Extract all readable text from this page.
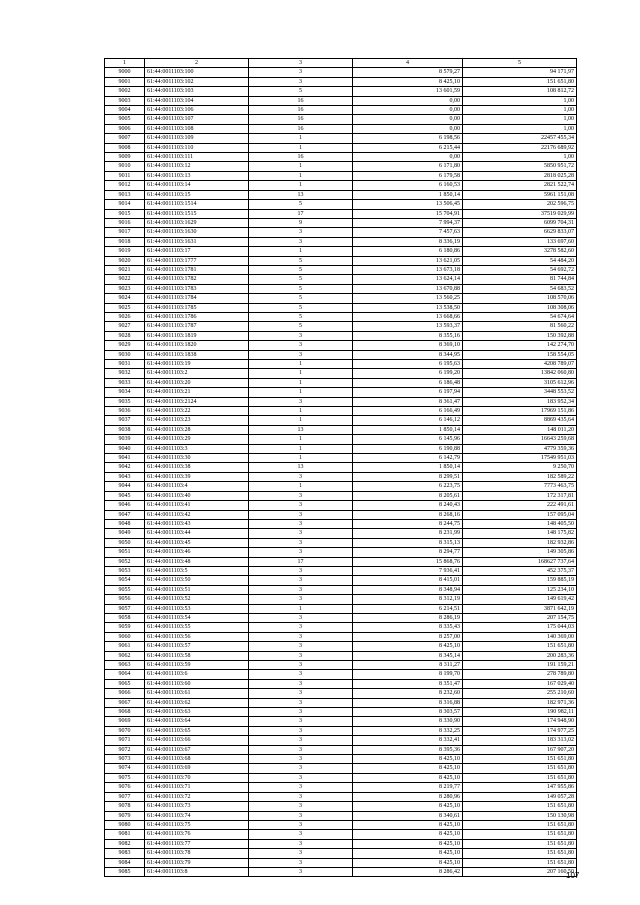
1	2	3	4	5
9000	61:44:0011103:100	3	8 579,27	94 171,97
9001	61:44:0011103:102	3	8 425,10	151 651,80
9002	61:44:0011103:103	5	13 601,59	108 812,72
9003	61:44:0011103:104	16	0,00	1,00
9004	61:44:0011103:106	16	0,00	1,00
9005	61:44:0011103:107	16	0,00	1,00
9006	61:44:0011103:108	16	0,00	1,00
9007	61:44:0011103:109	1	6 198,56	22457 455,34
9008	61:44:0011103:110	1	6 215,44	22176 689,92
9009	61:44:0011103:111	16	0,00	1,00
9010	61:44:0011103:12	1	6 171,80	5850 951,72
9011	61:44:0011103:13	1	6 179,58	2818 025,28
9012	61:44:0011103:14	1	6 160,53	2821 522,74
9013	61:44:0011103:15	13	1 850,14	5961 151,08
9014	61:44:0011103:1514	5	13 506,45	202 596,75
9015	61:44:0011103:1515	17	15 704,91	37519 029,99
9016	61:44:0011103:1629	9	7 994,37	6099 704,31
9017	61:44:0011103:1630	3	7 457,63	6629 833,07
9018	61:44:0011103:1631	3	8 336,19	133 697,60
9019	61:44:0011103:17	1	6 180,86	3278 582,60
9020	61:44:0011103:1777	5	13 621,05	54 484,20
9021	61:44:0011103:1781	5	13 673,18	54 692,72
9022	61:44:0011103:1782	5	13 624,14	81 744,84
9023	61:44:0011103:1783	5	13 670,88	54 683,52
9024	61:44:0011103:1784	5	13 560,25	108 570,06
9025	61:44:0011103:1785	5	13 538,50	108 308,06
9026	61:44:0011103:1786	5	13 668,66	54 674,64
9027	61:44:0011103:1787	5	13 593,37	81 560,22
9028	61:44:0011103:1819	3	8 355,16	150 392,88
9029	61:44:0011103:1820	3	8 369,10	142 274,70
9030	61:44:0011103:1838	3	8 344,95	158 554,05
9031	61:44:0011103:19	1	6 195,63	4208 789,07
9032	61:44:0011103:2	1	6 199,20	13842 060,80
9033	61:44:0011103:20	1	6 186,48	3105 612,96
9034	61:44:0011103:21	1	6 197,94	3448 553,52
9035	61:44:0011103:2124	3	8 361,47	183 952,34
9036	61:44:0011103:22	1	6 166,49	17969 151,86
9037	61:44:0011103:23	1	6 146,12	8869 435,64
9038	61:44:0011103:28	13	1 850,14	148 011,20
9039	61:44:0011103:29	1	6 145,96	16643 259,68
9040	61:44:0011103:3	1	6 190,88	4779 359,36
9041	61:44:0011103:30	1	6 142,79	17549 951,03
9042	61:44:0011103:38	13	1 850,14	9 250,70
9043	61:44:0011103:39	3	8 299,51	182 589,22
9044	61:44:0011103:4	1	6 223,75	7773 463,75
9045	61:44:0011103:40	3	8 205,61	172 317,81
9046	61:44:0011103:41	3	8 240,43	222 491,61
9047	61:44:0011103:42	3	8 268,16	157 095,04
9048	61:44:0011103:43	3	8 244,75	148 405,50
9049	61:44:0011103:44	3	8 231,99	148 175,82
9050	61:44:0011103:45	3	8 315,13	182 932,86
9051	61:44:0011103:46	3	8 294,77	149 305,86
9052	61:44:0011103:48	17	15 868,76	168627 737,64
9053	61:44:0011103:5	3	7 936,41	452 375,37
9054	61:44:0011103:50	3	8 415,01	159 885,19
9055	61:44:0011103:51	3	8 348,94	125 234,10
9056	61:44:0011103:52	3	8 312,19	149 619,42
9057	61:44:0011103:53	1	6 214,51	3871 642,19
9058	61:44:0011103:54	3	8 286,19	207 154,75
9059	61:44:0011103:55	3	8 335,43	175 044,03
9060	61:44:0011103:56	3	8 257,00	140 369,00
9061	61:44:0011103:57	3	8 425,10	151 651,80
9062	61:44:0011103:58	3	8 345,14	200 283,36
9063	61:44:0011103:59	3	8 311,27	191 159,21
9064	61:44:0011103:6	3	8 199,70	278 789,80
9065	61:44:0011103:60	3	8 351,47	167 029,40
9066	61:44:0011103:61	3	8 232,60	255 210,60
9067	61:44:0011103:62	3	8 316,88	182 971,36
9068	61:44:0011103:63	3	8 303,57	190 982,11
9069	61:44:0011103:64	3	8 330,90	174 948,90
9070	61:44:0011103:65	3	8 332,25	174 977,25
9071	61:44:0011103:66	3	8 332,41	183 313,02
9072	61:44:0011103:67	3	8 395,36	167 907,20
9073	61:44:0011103:68	3	8 425,10	151 651,80
9074	61:44:0011103:69	3	8 425,10	151 651,80
9075	61:44:0011103:70	3	8 425,10	151 651,80
9076	61:44:0011103:71	3	8 219,77	147 955,86
9077	61:44:0011103:72	3	8 280,96	149 057,28
9078	61:44:0011103:73	3	8 425,10	151 651,80
9079	61:44:0011103:74	3	8 340,61	150 130,98
9080	61:44:0011103:75	3	8 425,10	151 651,80
9081	61:44:0011103:76	3	8 425,10	151 651,80
9082	61:44:0011103:77	3	8 425,10	151 651,80
9083	61:44:0011103:78	3	8 425,10	151 651,80
9084	61:44:0011103:79	3	8 425,10	151 651,80
9085	61:44:0011103:8	3	8 286,42	207 160,50
107
